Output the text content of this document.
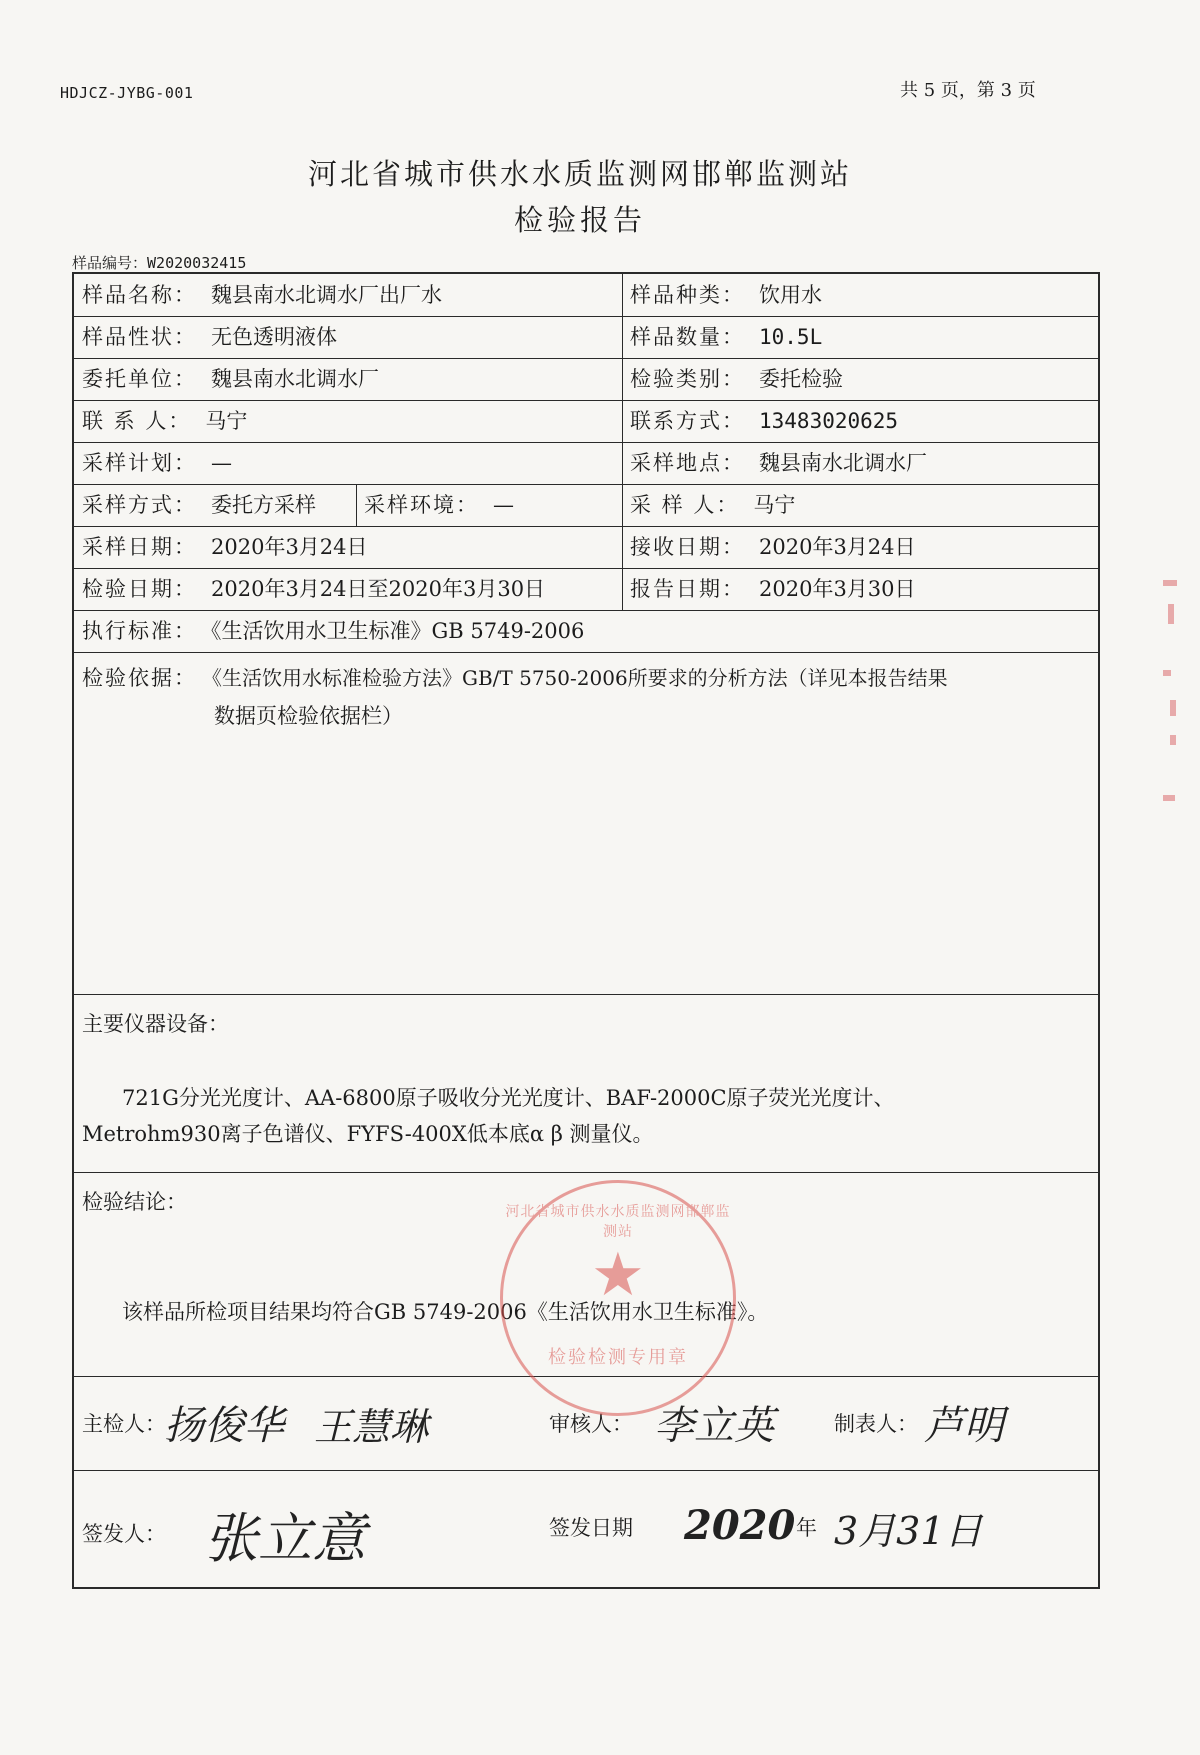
HDJCZ-JYBG-001	共 5 页，第 3 页
河北省城市供水水质监测网邯郸监测站
检验报告
样品编号：W2020032415
样品名称： 魏县南水北调水厂出厂水	样品种类： 饮用水
样品性状： 无色透明液体	样品数量： 10.5L
委托单位： 魏县南水北调水厂	检验类别： 委托检验
联 系 人： 马宁	联系方式： 13483020625
采样计划： —	采样地点： 魏县南水北调水厂
采样方式： 委托方采样 采样环境： —	采 样 人： 马宁
采样日期： 2020年3月24日	接收日期： 2020年3月24日
检验日期： 2020年3月24日至2020年3月30日	报告日期： 2020年3月30日
执行标准： 《生活饮用水卫生标准》GB 5749-2006
检验依据： 《生活饮用水标准检验方法》GB/T 5750-2006所要求的分析方法（详见本报告结果
数据页检验依据栏）
主要仪器设备：
721G分光光度计、AA-6800原子吸收分光光度计、BAF-2000C原子荧光光度计、
Metrohm930离子色谱仪、FYFS-400X低本底α β 测量仪。
检验结论：
该样品所检项目结果均符合GB 5749-2006《生活饮用水卫生标准》。
主检人：
扬俊华 王慧琳	审核人： 李立英	制表人： 芦明
签发人： 张立意	签发日期 2020 年 3月31日
河北省城市供水水质监测网邯郸监测站
★
检验检测专用章
